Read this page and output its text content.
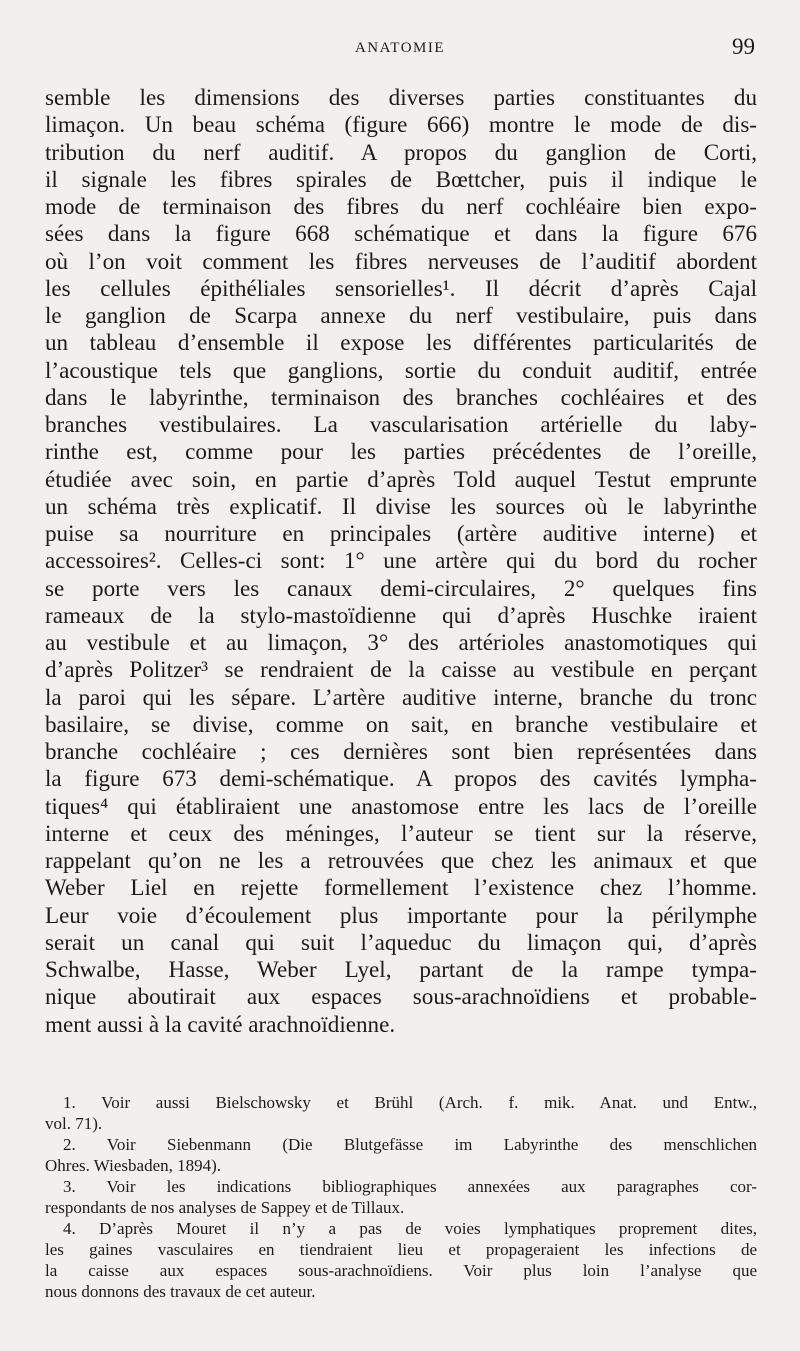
ANATOMIE	99
semble les dimensions des diverses parties constituantes du
limaçon. Un beau schéma (figure 666) montre le mode de dis-
tribution du nerf auditif. A propos du ganglion de Corti,
il signale les fibres spirales de Bœttcher, puis il indique le
mode de terminaison des fibres du nerf cochléaire bien expo-
sées dans la figure 668 schématique et dans la figure 676
où l’on voit comment les fibres nerveuses de l’auditif abordent
les cellules épithéliales sensorielles¹. Il décrit d’après Cajal
le ganglion de Scarpa annexe du nerf vestibulaire, puis dans
un tableau d’ensemble il expose les différentes particularités de
l’acoustique tels que ganglions, sortie du conduit auditif, entrée
dans le labyrinthe, terminaison des branches cochléaires et des
branches vestibulaires. La vascularisation artérielle du laby-
rinthe est, comme pour les parties précédentes de l’oreille,
étudiée avec soin, en partie d’après Told auquel Testut emprunte
un schéma très explicatif. Il divise les sources où le labyrinthe
puise sa nourriture en principales (artère auditive interne) et
accessoires². Celles-ci sont: 1° une artère qui du bord du rocher
se porte vers les canaux demi-circulaires, 2° quelques fins
rameaux de la stylo-mastoïdienne qui d’après Huschke iraient
au vestibule et au limaçon, 3° des artérioles anastomotiques qui
d’après Politzer³ se rendraient de la caisse au vestibule en perçant
la paroi qui les sépare. L’artère auditive interne, branche du tronc
basilaire, se divise, comme on sait, en branche vestibulaire et
branche cochléaire ; ces dernières sont bien représentées dans
la figure 673 demi-schématique. A propos des cavités lympha-
tiques⁴ qui établiraient une anastomose entre les lacs de l’oreille
interne et ceux des méninges, l’auteur se tient sur la réserve,
rappelant qu’on ne les a retrouvées que chez les animaux et que
Weber Liel en rejette formellement l’existence chez l’homme.
Leur voie d’écoulement plus importante pour la périlymphe
serait un canal qui suit l’aqueduc du limaçon qui, d’après
Schwalbe, Hasse, Weber Lyel, partant de la rampe tympa-
nique aboutirait aux espaces sous-arachnoïdiens et probable-
ment aussi à la cavité arachnoïdienne.
1. Voir aussi Bielschowsky et Brühl (Arch. f. mik. Anat. und Entw.,
vol. 71).
2. Voir Siebenmann (Die Blutgefässe im Labyrinthe des menschlichen
Ohres. Wiesbaden, 1894).
3. Voir les indications bibliographiques annexées aux paragraphes cor-
respondants de nos analyses de Sappey et de Tillaux.
4. D’après Mouret il n’y a pas de voies lymphatiques proprement dites,
les gaines vasculaires en tiendraient lieu et propageraient les infections de
la caisse aux espaces sous-arachnoïdiens. Voir plus loin l’analyse que
nous donnons des travaux de cet auteur.
